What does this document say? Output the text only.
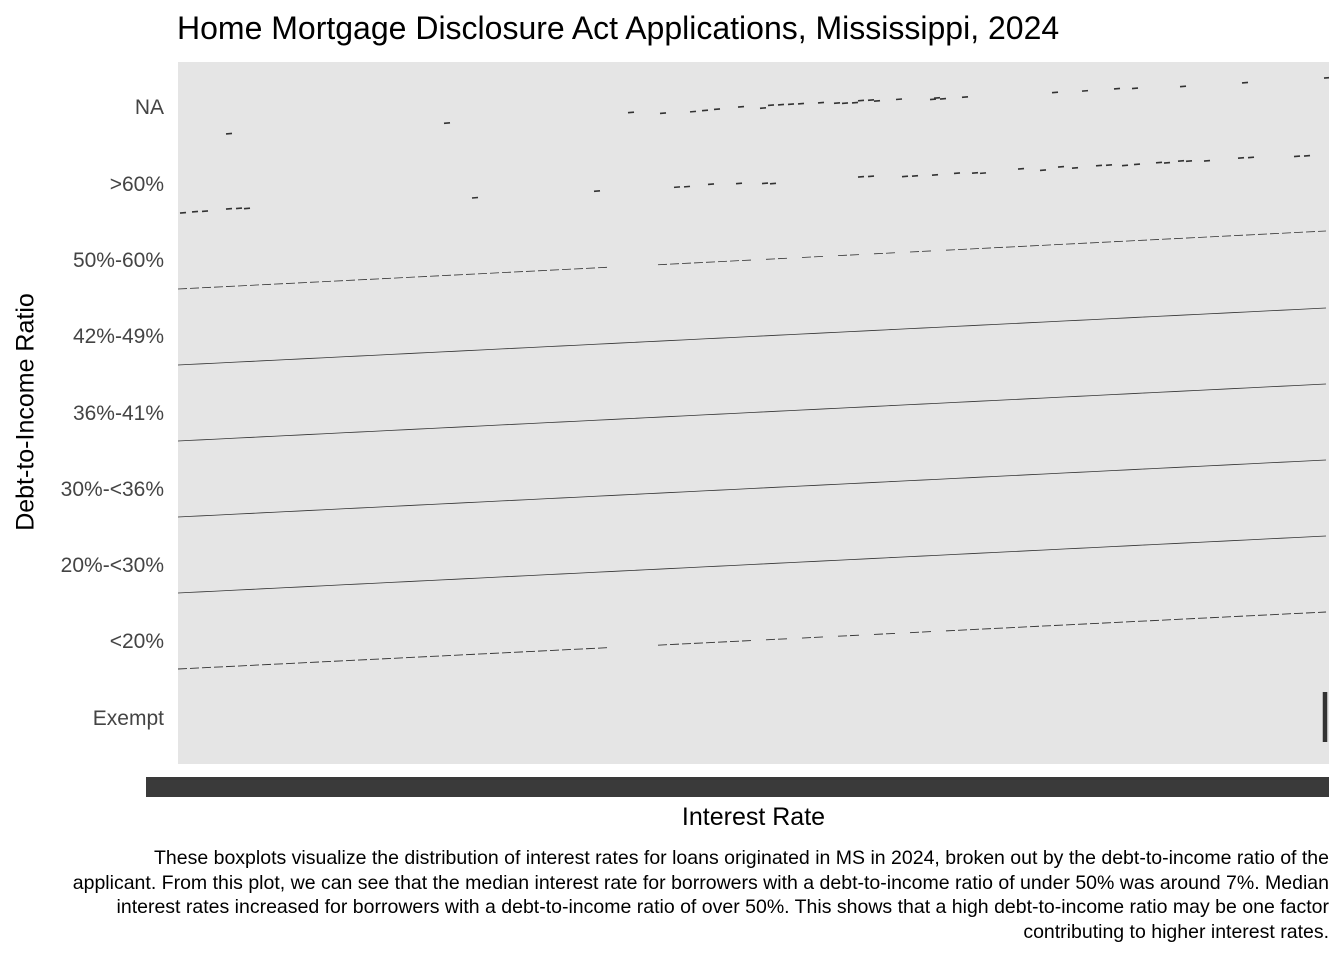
Home Mortgage Disclosure Act Applications, Mississippi, 2024
Exempt
<20%
20%-<30%
30%-<36%
36%-41%
42%-49%
50%-60%
>60%
NA
Debt-to-Income Ratio
Interest Rate
These boxplots visualize the distribution of interest rates for loans originated in MS in 2024, broken out by the debt-to-income ratio of the applicant. From this plot, we can see that the median interest rate for borrowers with a debt-to-income ratio of under 50% was around 7%. Median interest rates increased for borrowers with a debt-to-income ratio of over 50%. This shows that a high debt-to-income ratio may be one factor contributing to higher interest rates.
